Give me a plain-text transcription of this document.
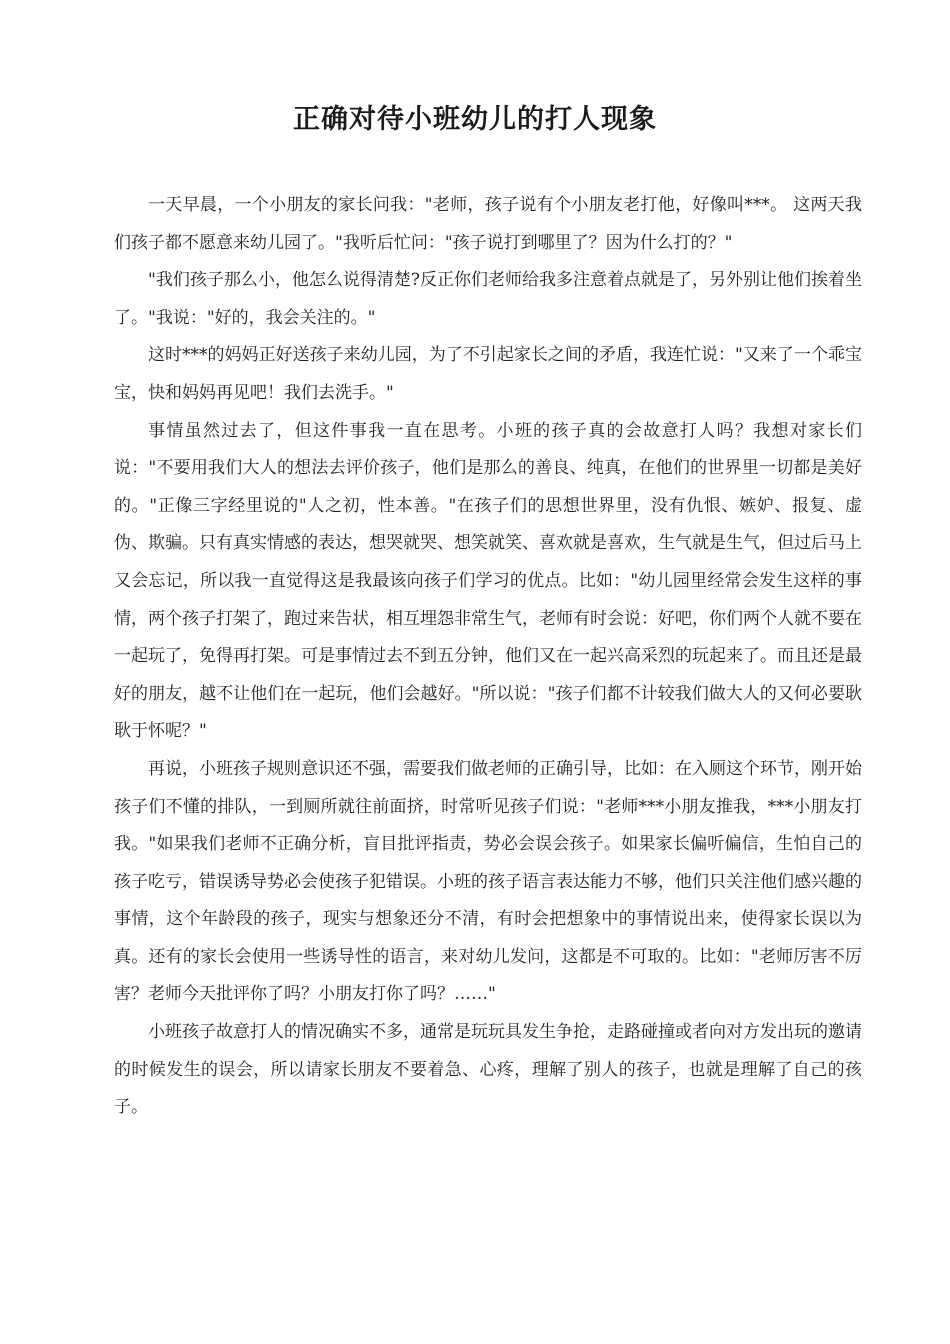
正确对待小班幼儿的打人现象

一天早晨，一个小朋友的家长问我："老师，孩子说有个小朋友老打他，好像叫***。 这两天我们孩子都不愿意来幼儿园了。"我听后忙问："孩子说打到哪里了？因为什么打的？"

"我们孩子那么小，他怎么说得清楚?反正你们老师给我多注意着点就是了，另外别让他们挨着坐了。"我说："好的，我会关注的。"

这时***的妈妈正好送孩子来幼儿园，为了不引起家长之间的矛盾，我连忙说："又来了一个乖宝宝，快和妈妈再见吧！我们去洗手。"

事情虽然过去了，但这件事我一直在思考。小班的孩子真的会故意打人吗？我想对家长们说："不要用我们大人的想法去评价孩子，他们是那么的善良、纯真，在他们的世界里一切都是美好的。"正像三字经里说的"人之初，性本善。"在孩子们的思想世界里，没有仇恨、嫉妒、报复、虚伪、欺骗。只有真实情感的表达，想哭就哭、想笑就笑、喜欢就是喜欢，生气就是生气，但过后马上又会忘记，所以我一直觉得这是我最该向孩子们学习的优点。比如："幼儿园里经常会发生这样的事情，两个孩子打架了，跑过来告状，相互埋怨非常生气，老师有时会说：好吧，你们两个人就不要在一起玩了，免得再打架。可是事情过去不到五分钟，他们又在一起兴高采烈的玩起来了。而且还是最好的朋友，越不让他们在一起玩，他们会越好。"所以说："孩子们都不计较我们做大人的又何必要耿耿于怀呢？"

再说，小班孩子规则意识还不强，需要我们做老师的正确引导，比如：在入厕这个环节，刚开始孩子们不懂的排队，一到厕所就往前面挤，时常听见孩子们说："老师***小朋友推我，***小朋友打我。"如果我们老师不正确分析，盲目批评指责，势必会误会孩子。如果家长偏听偏信，生怕自己的孩子吃亏，错误诱导势必会使孩子犯错误。小班的孩子语言表达能力不够，他们只关注他们感兴趣的事情，这个年龄段的孩子，现实与想象还分不清，有时会把想象中的事情说出来，使得家长误以为真。还有的家长会使用一些诱导性的语言，来对幼儿发问，这都是不可取的。比如："老师厉害不厉害？老师今天批评你了吗？小朋友打你了吗？……"

小班孩子故意打人的情况确实不多，通常是玩玩具发生争抢，走路碰撞或者向对方发出玩的邀请的时候发生的误会，所以请家长朋友不要着急、心疼，理解了别人的孩子，也就是理解了自己的孩子。
